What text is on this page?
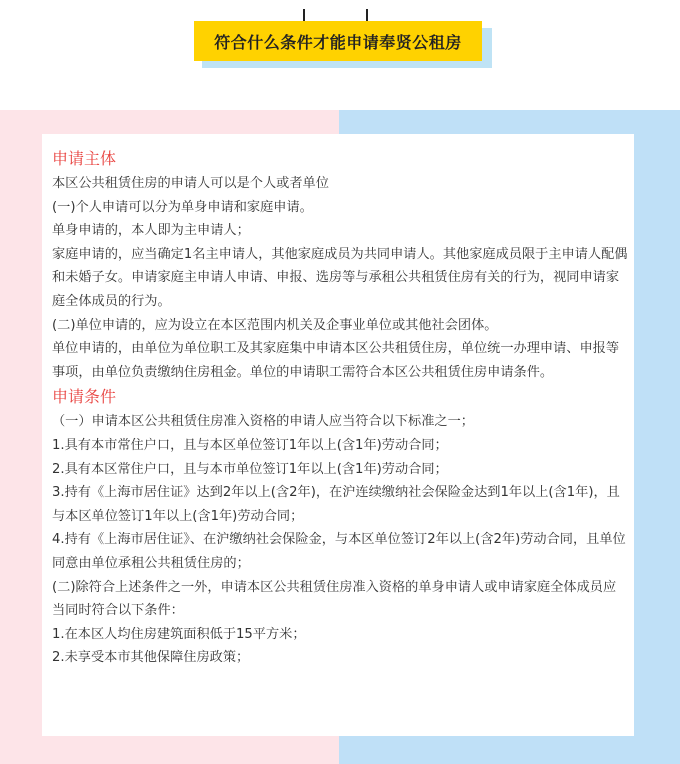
符合什么条件才能申请奉贤公租房
申请主体
本区公共租赁住房的申请人可以是个人或者单位
(一)个人申请可以分为单身申请和家庭申请。
单身申请的，本人即为主申请人；
家庭申请的，应当确定1名主申请人，其他家庭成员为共同申请人。其他家庭成员限于主申请人配偶和未婚子女。申请家庭主申请人申请、申报、选房等与承租公共租赁住房有关的行为，视同申请家庭全体成员的行为。
(二)单位申请的，应为设立在本区范围内机关及企事业单位或其他社会团体。
单位申请的，由单位为单位职工及其家庭集中申请本区公共租赁住房，单位统一办理申请、申报等事项，由单位负责缴纳住房租金。单位的申请职工需符合本区公共租赁住房申请条件。
申请条件
（一）申请本区公共租赁住房准入资格的申请人应当符合以下标准之一；
1.具有本市常住户口，且与本区单位签订1年以上(含1年)劳动合同；
2.具有本区常住户口，且与本市单位签订1年以上(含1年)劳动合同；
3.持有《上海市居住证》达到2年以上(含2年)，在沪连续缴纳社会保险金达到1年以上(含1年)，且与本区单位签订1年以上(含1年)劳动合同；
4.持有《上海市居住证》、在沪缴纳社会保险金，与本区单位签订2年以上(含2年)劳动合同，且单位同意由单位承租公共租赁住房的；
(二)除符合上述条件之一外，申请本区公共租赁住房准入资格的单身申请人或申请家庭全体成员应当同时符合以下条件：
1.在本区人均住房建筑面积低于15平方米；
2.未享受本市其他保障住房政策；
